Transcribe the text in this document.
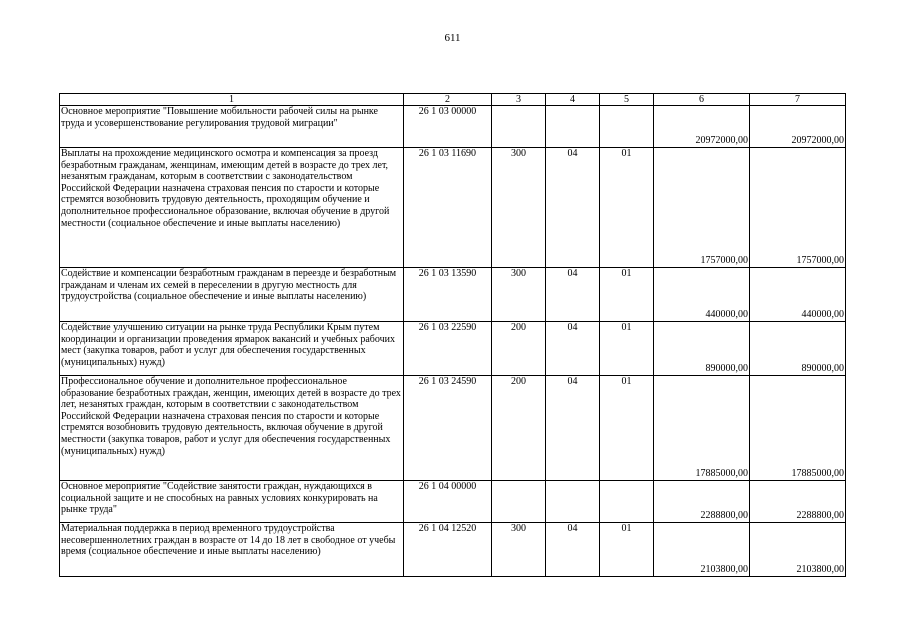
611
1	2	3	4	5	6	7
Основное мероприятие "Повышение мобильности рабочей силы на рынке труда и усовершенствование регулирования трудовой миграции"	26 1 03 00000				20972000,00	20972000,00
Выплаты на прохождение медицинского осмотра и компенсация за проезд безработным гражданам, женщинам, имеющим детей в возрасте до трех лет, незанятым гражданам, которым в соответствии с законодательством Российской Федерации назначена страховая пенсия по старости и которые стремятся возобновить трудовую деятельность, проходящим обучение и дополнительное профессиональное образование, включая обучение в другой местности (социальное обеспечение и иные выплаты населению)	26 1 03 11690	300	04	01	1757000,00	1757000,00
Содействие и компенсации безработным гражданам в переезде и безработным гражданам и членам их семей в переселении в другую местность для трудоустройства (социальное обеспечение и иные выплаты населению)	26 1 03 13590	300	04	01	440000,00	440000,00
Содействие улучшению ситуации на рынке труда Республики Крым путем координации и организации проведения ярмарок вакансий и учебных рабочих мест (закупка товаров, работ и услуг для обеспечения государственных (муниципальных) нужд)	26 1 03 22590	200	04	01	890000,00	890000,00
Профессиональное обучение и дополнительное профессиональное образование безработных граждан, женщин, имеющих детей в возрасте до трех лет, незанятых граждан, которым в соответствии с законодательством Российской Федерации назначена страховая пенсия по старости и которые стремятся возобновить трудовую деятельность, включая обучение в другой местности (закупка товаров, работ и услуг для обеспечения государственных (муниципальных) нужд)	26 1 03 24590	200	04	01	17885000,00	17885000,00
Основное мероприятие "Содействие занятости граждан, нуждающихся в социальной защите и не способных на равных условиях конкурировать на рынке труда"	26 1 04 00000				2288800,00	2288800,00
Материальная поддержка в период временного трудоустройства несовершеннолетних граждан в возрасте от 14 до 18 лет в свободное от учебы время (социальное обеспечение и иные выплаты населению)	26 1 04 12520	300	04	01	2103800,00	2103800,00
